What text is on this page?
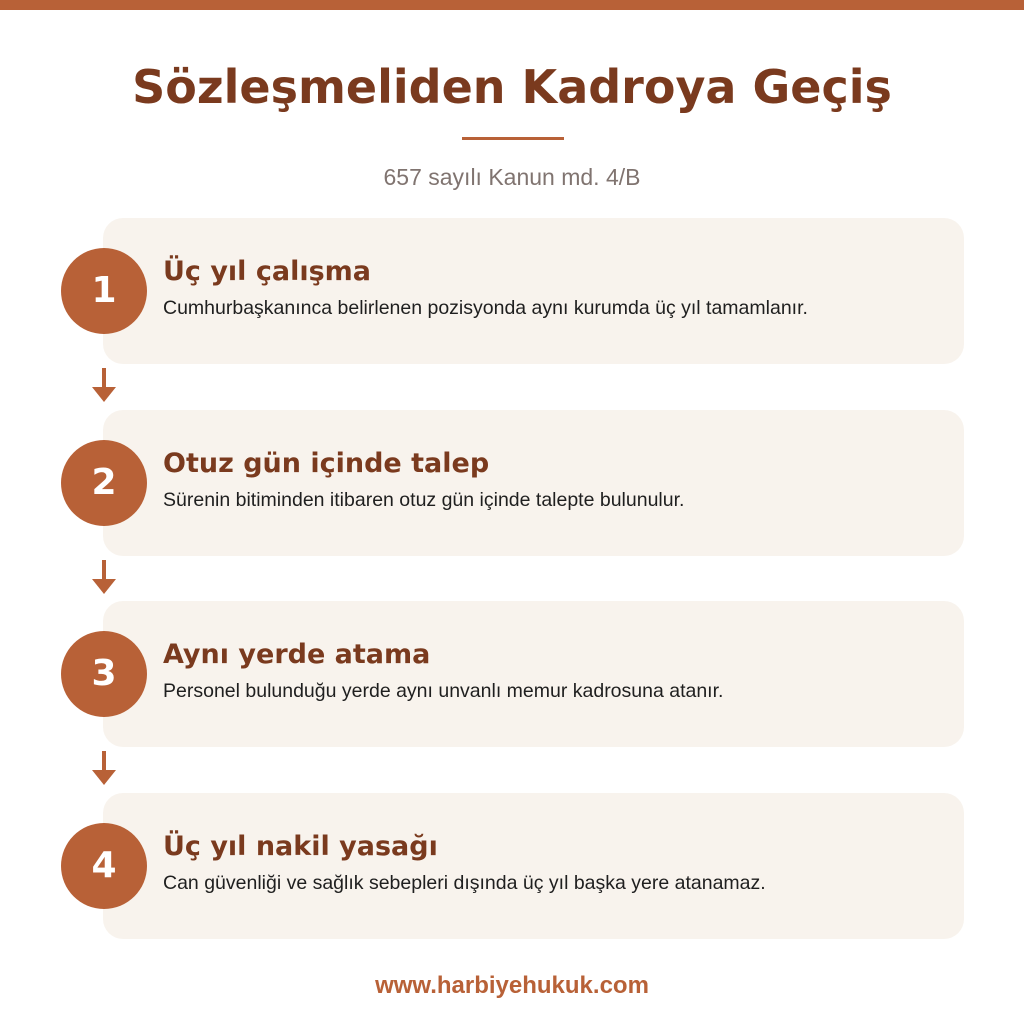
Sözleşmeliden Kadroya Geçiş
657 sayılı Kanun md. 4/B
Üç yıl çalışma
Cumhurbaşkanınca belirlenen pozisyonda aynı kurumda üç yıl tamamlanır.
1
Otuz gün içinde talep
Sürenin bitiminden itibaren otuz gün içinde talepte bulunulur.
2
Aynı yerde atama
Personel bulunduğu yerde aynı unvanlı memur kadrosuna atanır.
3
Üç yıl nakil yasağı
Can güvenliği ve sağlık sebepleri dışında üç yıl başka yere atanamaz.
4
www.harbiyehukuk.com
